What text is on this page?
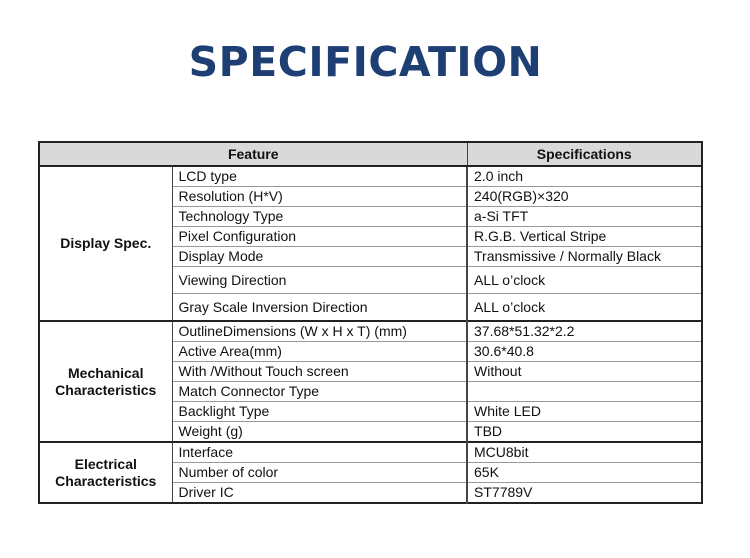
SPECIFICATION
Feature		Specifications
Display Spec.	LCD type	2.0 inch
	Resolution (H*V)	240(RGB)×320
	Technology Type	a-Si TFT
	Pixel Configuration	R.G.B. Vertical Stripe
	Display Mode	Transmissive / Normally Black
	Viewing Direction	ALL o’clock
	Gray Scale Inversion Direction	ALL o’clock
Mechanical Characteristics	OutlineDimensions (W x H x T) (mm)	37.68*51.32*2.2
	Active Area(mm)	30.6*40.8
	With /Without Touch screen	Without
	Match Connector Type	
	Backlight Type	White LED
	Weight (g)	TBD
Electrical Characteristics	Interface	MCU8bit
	Number of color	65K
	Driver IC	ST7789V
